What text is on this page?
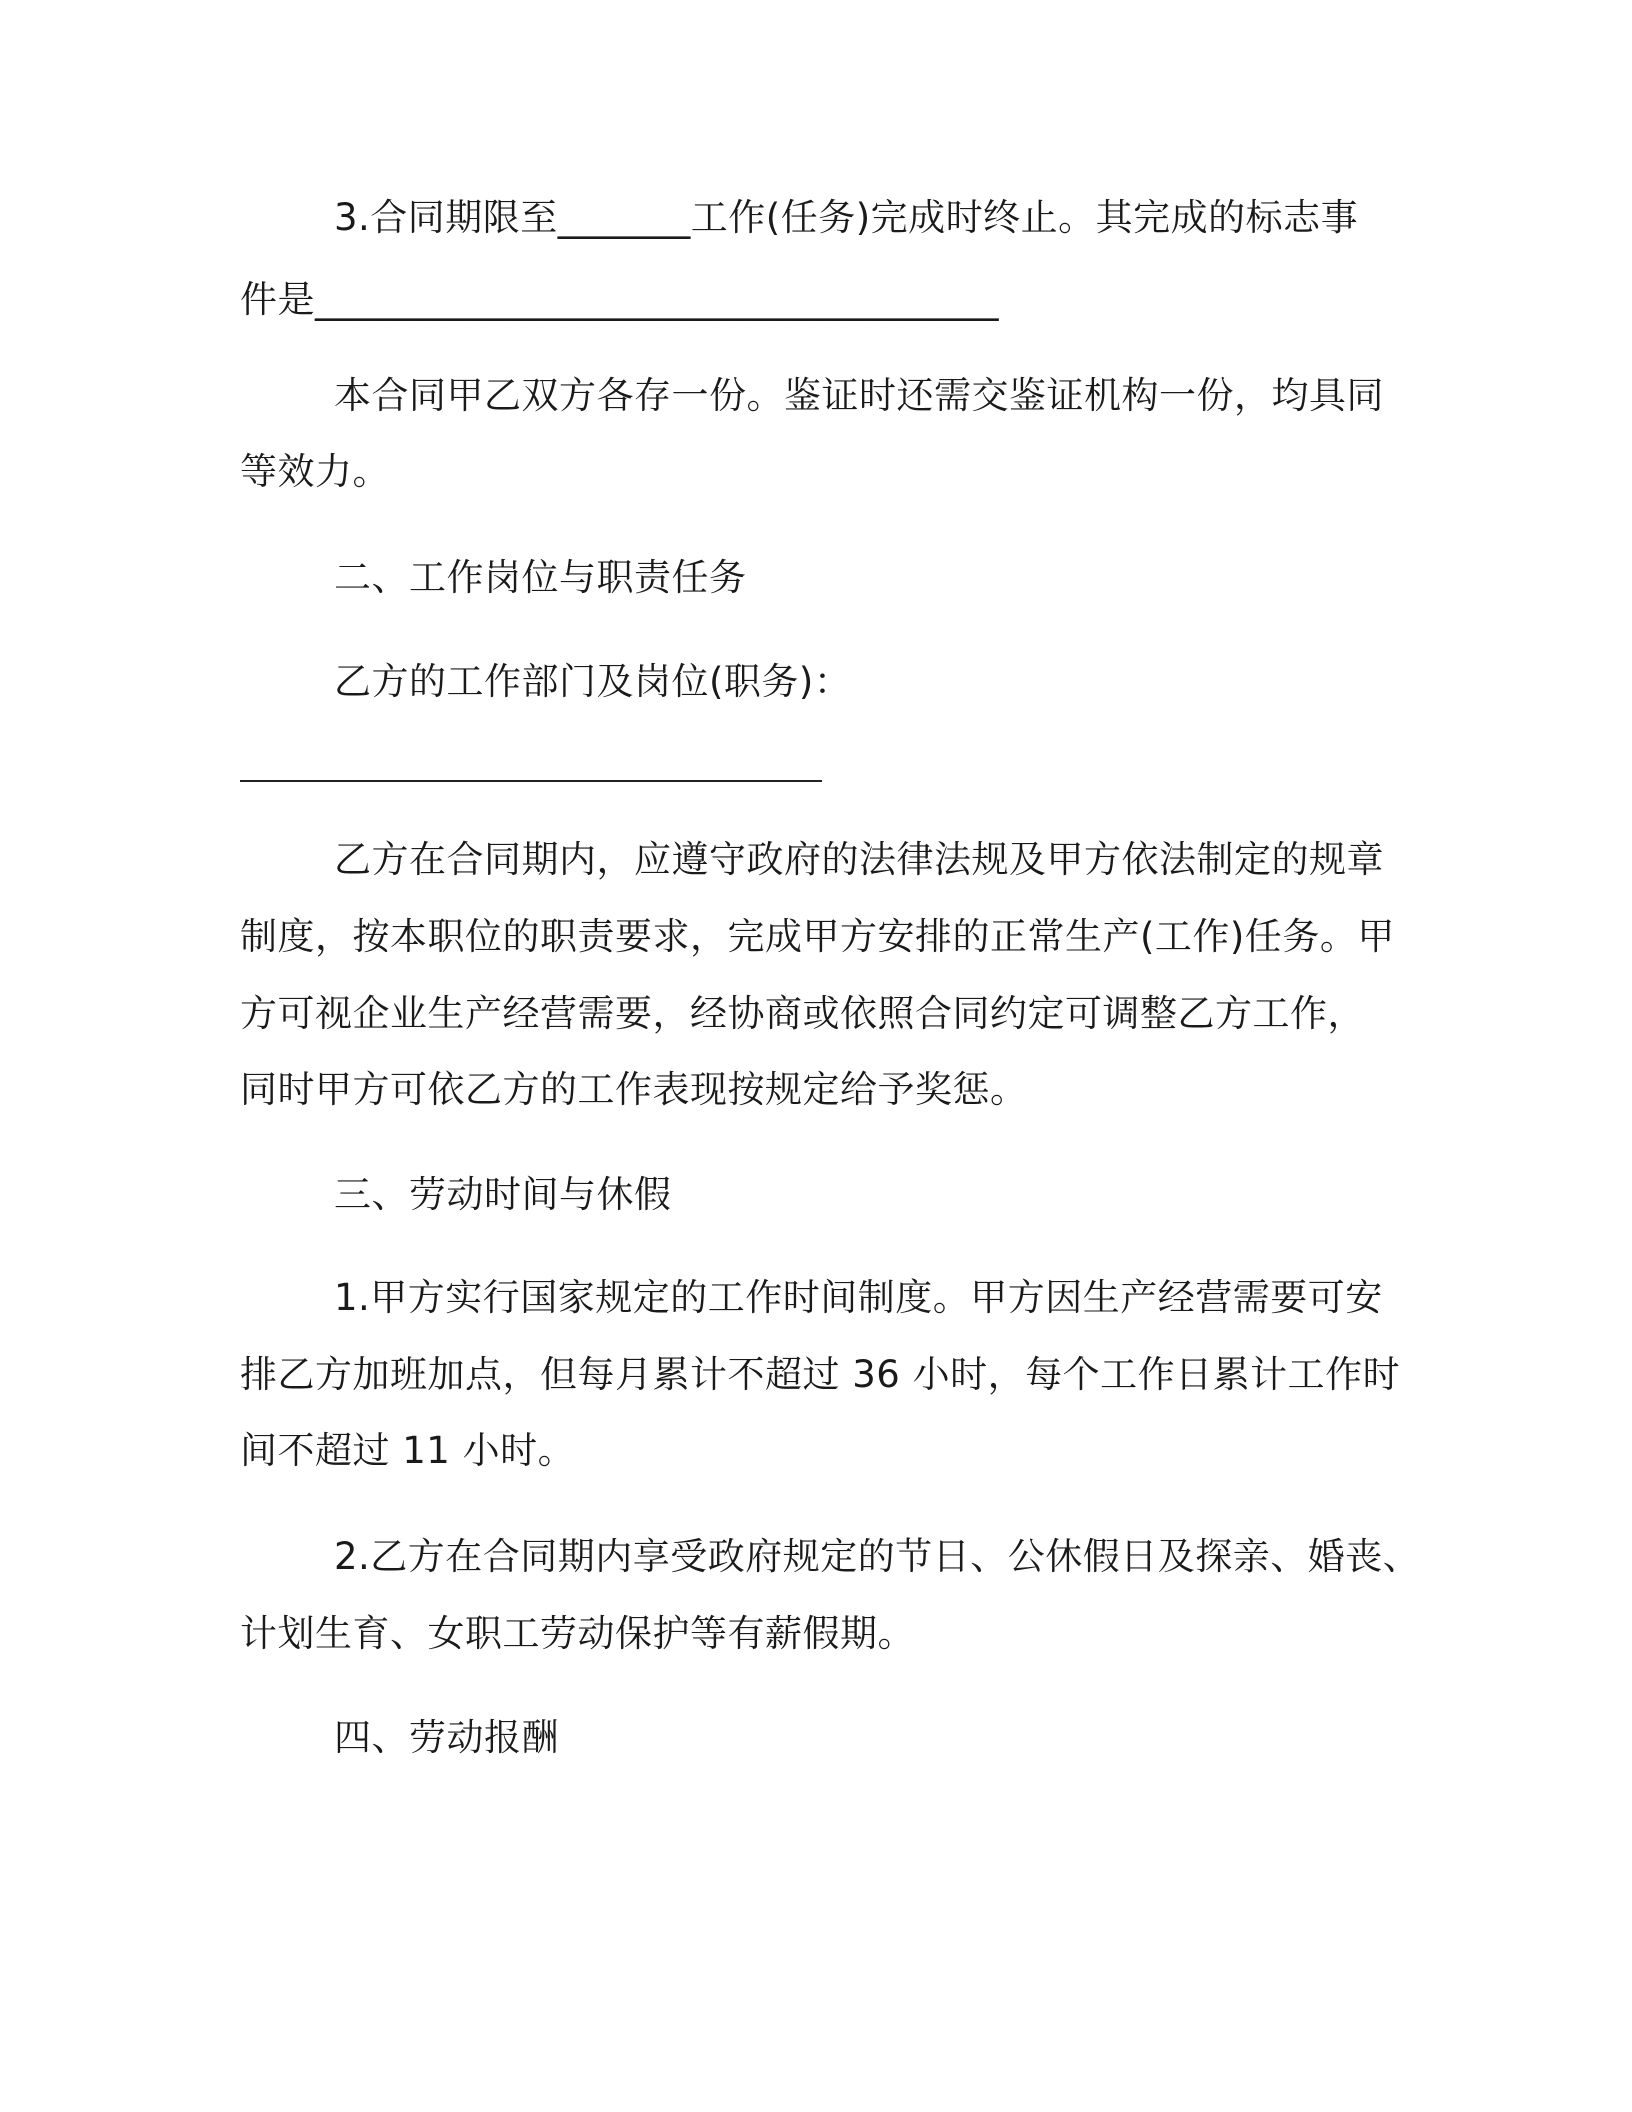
3.合同期限至_______工作(任务)完成时终止。其完成的标志事
件是____________________________________
本合同甲乙双方各存一份。鉴证时还需交鉴证机构一份，均具同
等效力。
二、工作岗位与职责任务
乙方的工作部门及岗位(职务)：
乙方在合同期内，应遵守政府的法律法规及甲方依法制定的规章
制度，按本职位的职责要求，完成甲方安排的正常生产(工作)任务。甲
方可视企业生产经营需要，经协商或依照合同约定可调整乙方工作，
同时甲方可依乙方的工作表现按规定给予奖惩。
三、劳动时间与休假
1.甲方实行国家规定的工作时间制度。甲方因生产经营需要可安
排乙方加班加点，但每月累计不超过 36 小时，每个工作日累计工作时
间不超过 11 小时。
2.乙方在合同期内享受政府规定的节日、公休假日及探亲、婚丧、
计划生育、女职工劳动保护等有薪假期。
四、劳动报酬
